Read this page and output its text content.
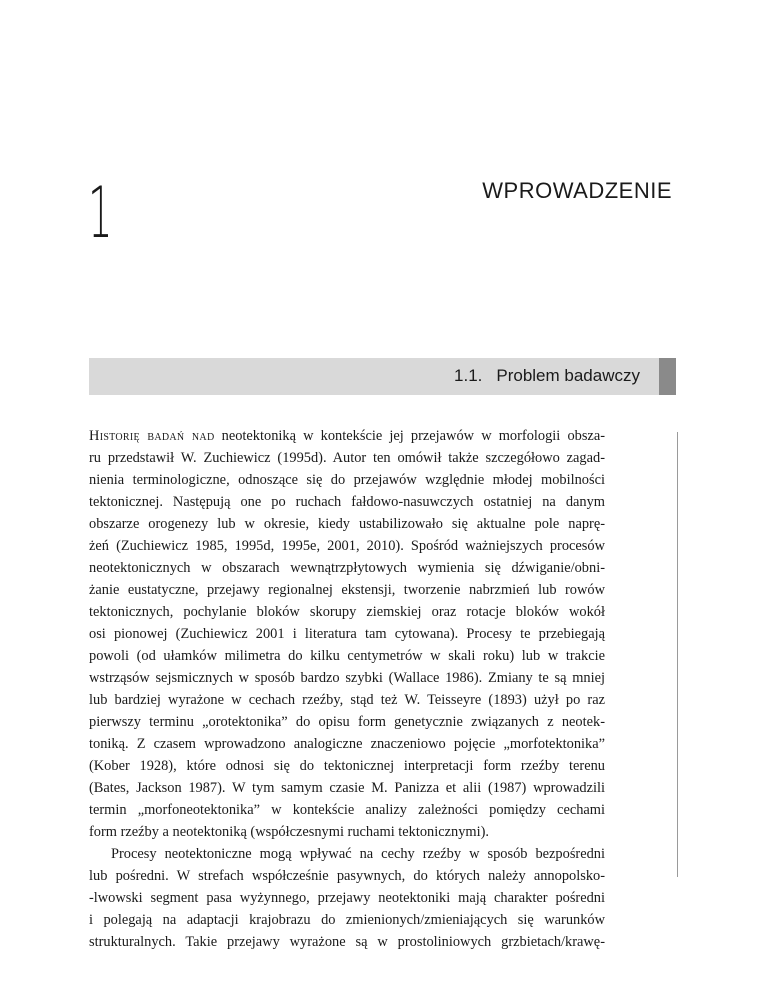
1	WPROWADZENIE
1.1. Problem badawczy
Historię badań nad neotektoniką w kontekście jej przejawów w morfologii obsza-
ru przedstawił W. Zuchiewicz (1995d). Autor ten omówił także szczegółowo zagad-
nienia terminologiczne, odnoszące się do przejawów względnie młodej mobilności
tektonicznej. Następują one po ruchach fałdowo-nasuwczych ostatniej na danym
obszarze orogenezy lub w okresie, kiedy ustabilizowało się aktualne pole naprę-
żeń (Zuchiewicz 1985, 1995d, 1995e, 2001, 2010). Spośród ważniejszych procesów
neotektonicznych w obszarach wewnątrzpłytowych wymienia się dźwiganie/obni-
żanie eustatyczne, przejawy regionalnej ekstensji, tworzenie nabrzmień lub rowów
tektonicznych, pochylanie bloków skorupy ziemskiej oraz rotacje bloków wokół
osi pionowej (Zuchiewicz 2001 i literatura tam cytowana). Procesy te przebiegają
powoli (od ułamków milimetra do kilku centymetrów w skali roku) lub w trakcie
wstrząsów sejsmicznych w sposób bardzo szybki (Wallace 1986). Zmiany te są mniej
lub bardziej wyrażone w cechach rzeźby, stąd też W. Teisseyre (1893) użył po raz
pierwszy terminu „orotektonika” do opisu form genetycznie związanych z neotek-
toniką. Z czasem wprowadzono analogiczne znaczeniowo pojęcie „morfotektonika”
(Kober 1928), które odnosi się do tektonicznej interpretacji form rzeźby terenu
(Bates, Jackson 1987). W tym samym czasie M. Panizza et alii (1987) wprowadzili
termin „morfoneotektonika” w kontekście analizy zależności pomiędzy cechami
form rzeźby a neotektoniką (współczesnymi ruchami tektonicznymi).
Procesy neotektoniczne mogą wpływać na cechy rzeźby w sposób bezpośredni
lub pośredni. W strefach współcześnie pasywnych, do których należy annopolsko-
-lwowski segment pasa wyżynnego, przejawy neotektoniki mają charakter pośredni
i polegają na adaptacji krajobrazu do zmienionych/zmieniających się warunków
strukturalnych. Takie przejawy wyrażone są w prostoliniowych grzbietach/krawę-
